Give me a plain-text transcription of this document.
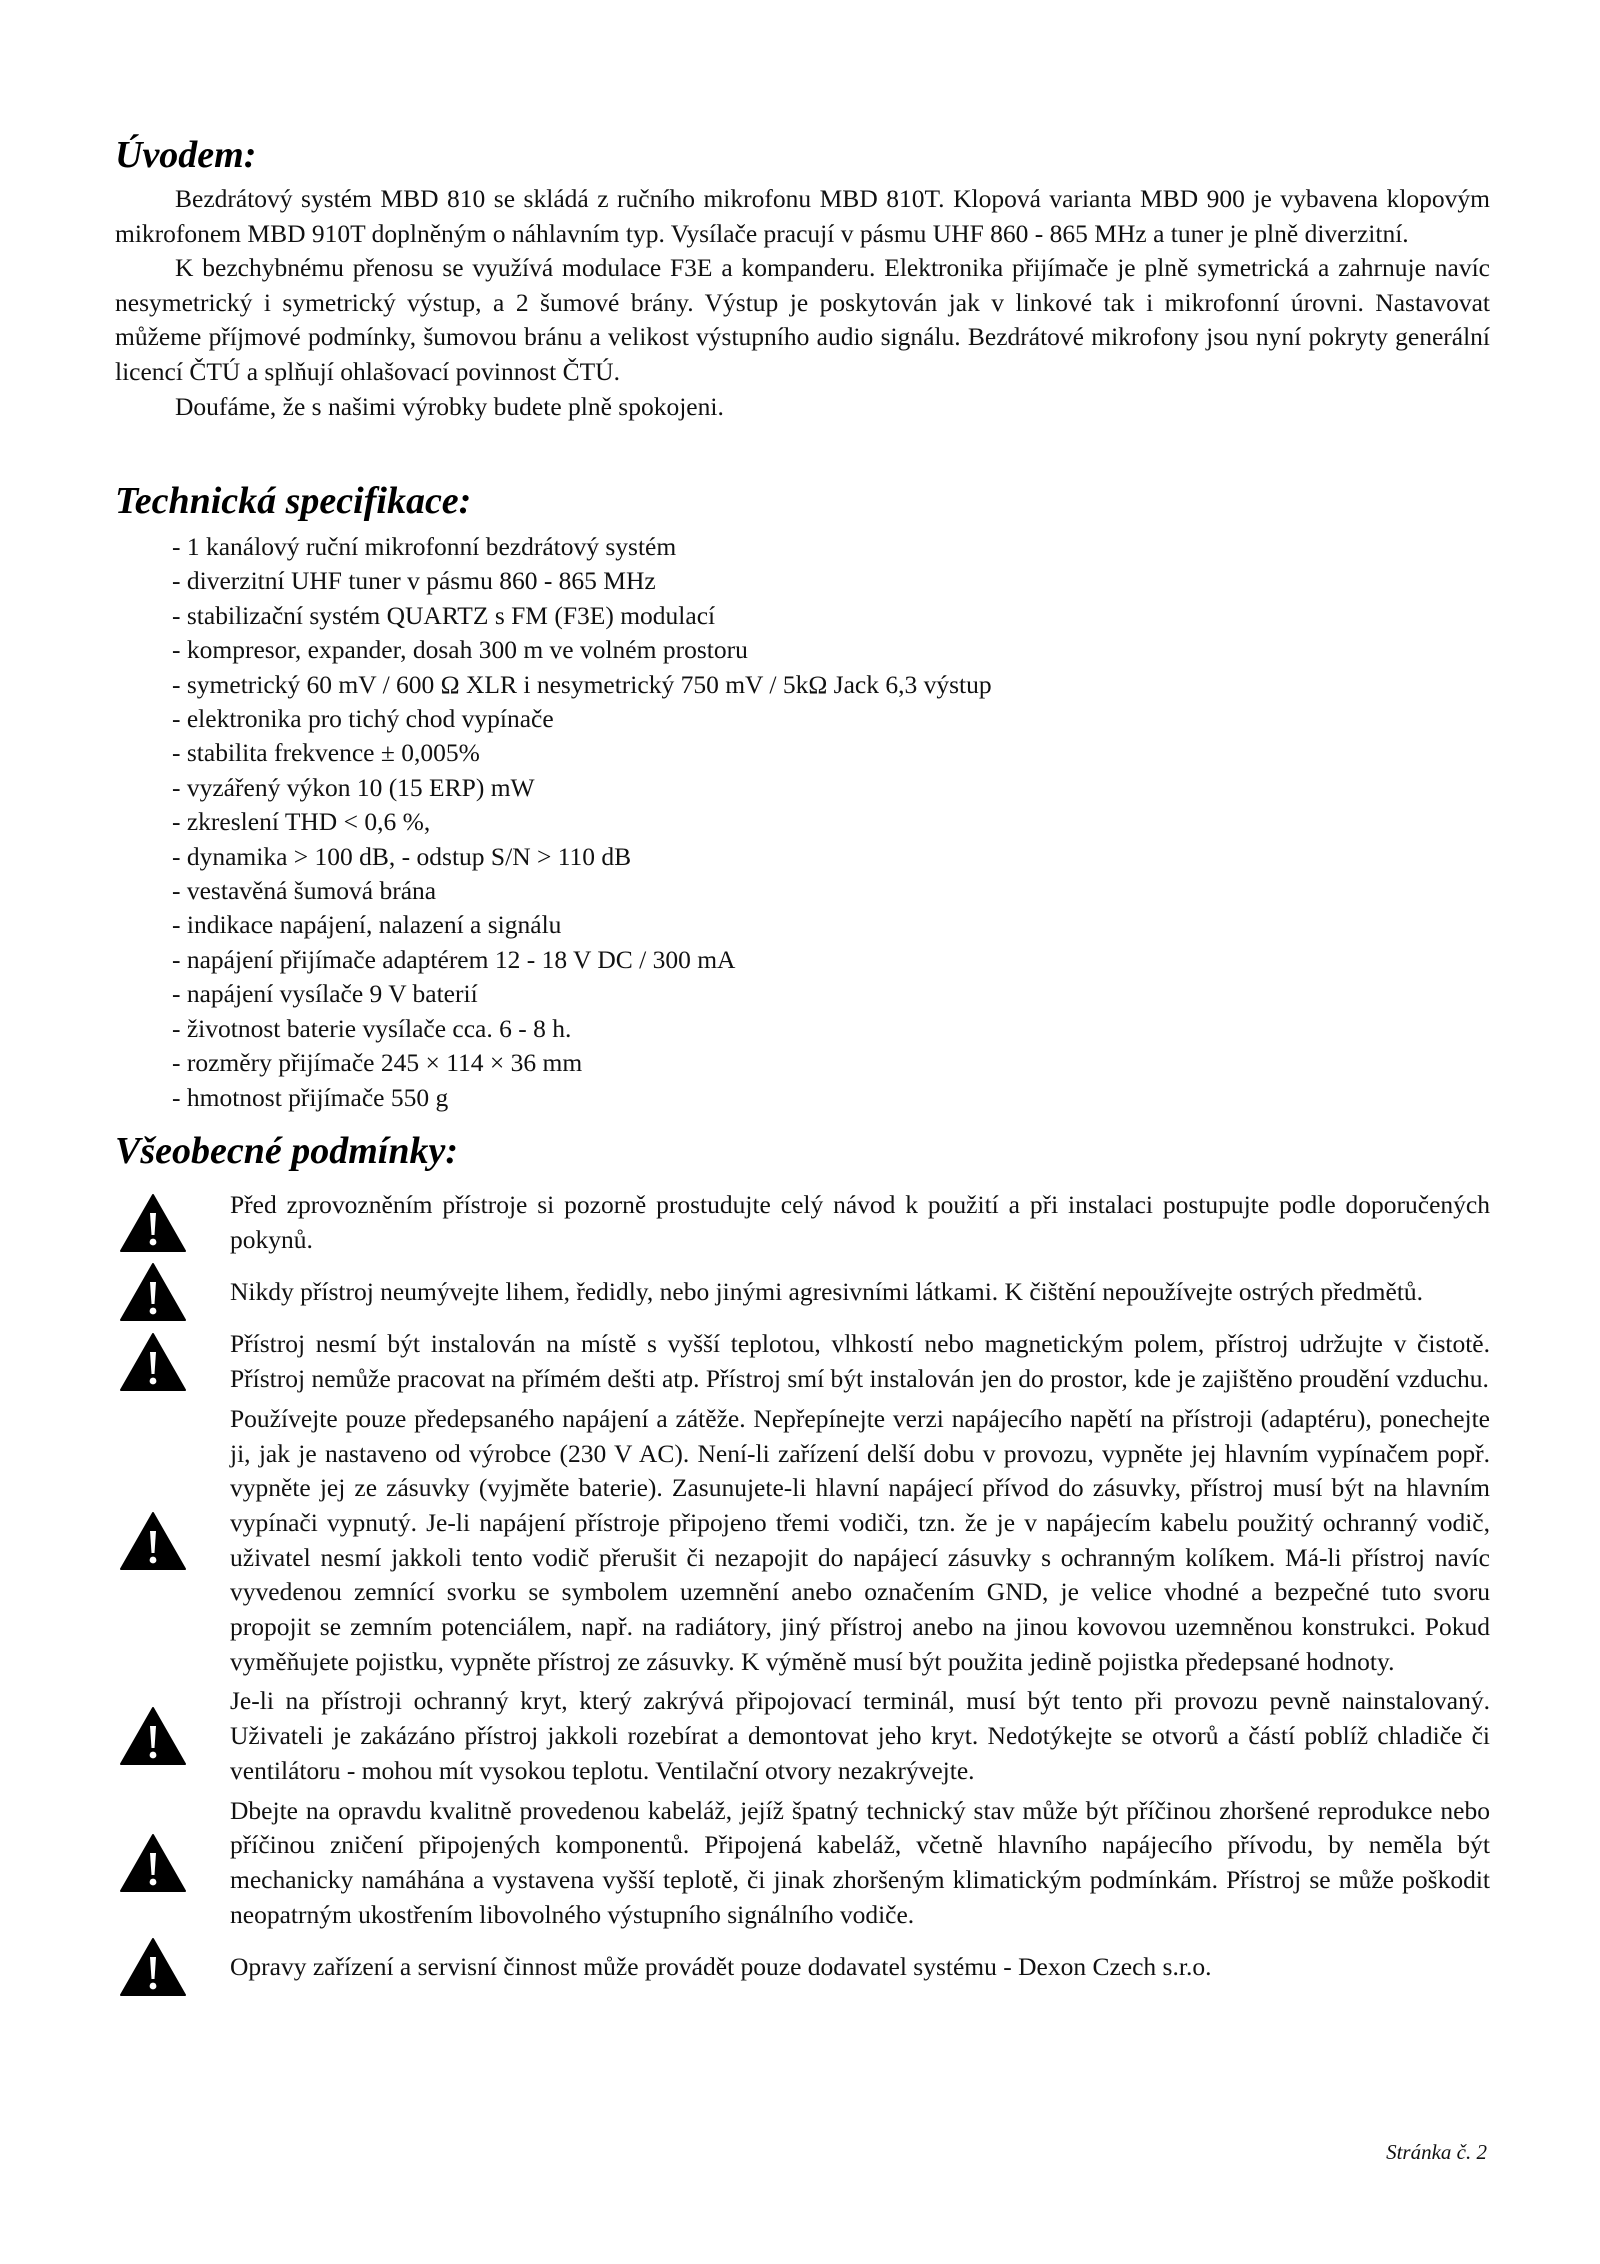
Úvodem:

Bezdrátový systém MBD 810 se skládá z ručního mikrofonu MBD 810T. Klopová varianta MBD 900 je vybavena klopovým mikrofonem MBD 910T doplněným o náhlavním typ. Vysílače pracují v pásmu UHF 860 - 865 MHz a tuner je plně diverzitní.

K bezchybnému přenosu se využívá modulace F3E a kompanderu. Elektronika přijímače je plně symetrická a zahrnuje navíc nesymetrický i symetrický výstup, a 2 šumové brány. Výstup je poskytován jak v linkové tak i mikrofonní úrovni. Nastavovat můžeme příjmové podmínky, šumovou bránu a velikost výstupního audio signálu. Bezdrátové mikrofony jsou nyní pokryty generální licencí ČTÚ a splňují ohlašovací povinnost ČTÚ.

Doufáme, že s našimi výrobky budete plně spokojeni.

Technická specifikace:
- 1 kanálový ruční mikrofonní bezdrátový systém
- diverzitní UHF tuner v pásmu 860 - 865 MHz
- stabilizační systém QUARTZ s FM (F3E) modulací
- kompresor, expander, dosah 300 m ve volném prostoru
- symetrický 60 mV / 600 Ω XLR i nesymetrický 750 mV / 5kΩ Jack 6,3 výstup
- elektronika pro tichý chod vypínače
- stabilita frekvence ± 0,005%
- vyzářený výkon 10 (15 ERP) mW
- zkreslení THD < 0,6 %,
- dynamika > 100 dB, - odstup S/N > 110 dB
- vestavěná šumová brána
- indikace napájení, nalazení a signálu
- napájení přijímače adaptérem 12 - 18 V DC / 300 mA
- napájení vysílače 9 V baterií
- životnost baterie vysílače cca. 6 - 8 h.
- rozměry přijímače 245 × 114 × 36 mm
- hmotnost přijímače 550 g
Všeobecné podmínky:

Před zprovozněním přístroje si pozorně prostudujte celý návod k použití a při instalaci postupujte podle doporučených pokynů.

Nikdy přístroj neumývejte lihem, ředidly, nebo jinými agresivními látkami. K čištění nepoužívejte ostrých předmětů.

Přístroj nesmí být instalován na místě s vyšší teplotou, vlhkostí nebo magnetickým polem, přístroj udržujte v čistotě. Přístroj nemůže pracovat na přímém dešti atp. Přístroj smí být instalován jen do prostor, kde je zajištěno proudění vzduchu.

Používejte pouze předepsaného napájení a zátěže. Nepřepínejte verzi napájecího napětí na přístroji (adaptéru), ponechejte ji, jak je nastaveno od výrobce (230 V AC). Není-li zařízení delší dobu v provozu, vypněte jej hlavním vypínačem popř. vypněte jej ze zásuvky (vyjměte baterie). Zasunujete-li hlavní napájecí přívod do zásuvky, přístroj musí být na hlavním vypínači vypnutý. Je-li napájení přístroje připojeno třemi vodiči, tzn. že je v napájecím kabelu použitý ochranný vodič, uživatel nesmí jakkoli tento vodič přerušit či nezapojit do napájecí zásuvky s ochranným kolíkem. Má-li přístroj navíc vyvedenou zemnící svorku se symbolem uzemnění anebo označením GND, je velice vhodné a bezpečné tuto svoru propojit se zemním potenciálem, např. na radiátory, jiný přístroj anebo na jinou kovovou uzemněnou konstrukci. Pokud vyměňujete pojistku, vypněte přístroj ze zásuvky. K výměně musí být použita jedině pojistka předepsané hodnoty.

Je-li na přístroji ochranný kryt, který zakrývá připojovací terminál, musí být tento při provozu pevně nainstalovaný. Uživateli je zakázáno přístroj jakkoli rozebírat a demontovat jeho kryt. Nedotýkejte se otvorů a částí poblíž chladiče či ventilátoru - mohou mít vysokou teplotu. Ventilační otvory nezakrývejte.

Dbejte na opravdu kvalitně provedenou kabeláž, jejíž špatný technický stav může být příčinou zhoršené reprodukce nebo příčinou zničení připojených komponentů. Připojená kabeláž, včetně hlavního napájecího přívodu, by neměla být mechanicky namáhána a vystavena vyšší teplotě, či jinak zhoršeným klimatickým podmínkám. Přístroj se může poškodit neopatrným ukostřením libovolného výstupního signálního vodiče.

Opravy zařízení a servisní činnost může provádět pouze dodavatel systému - Dexon Czech s.r.o.

Stránka č. 2
